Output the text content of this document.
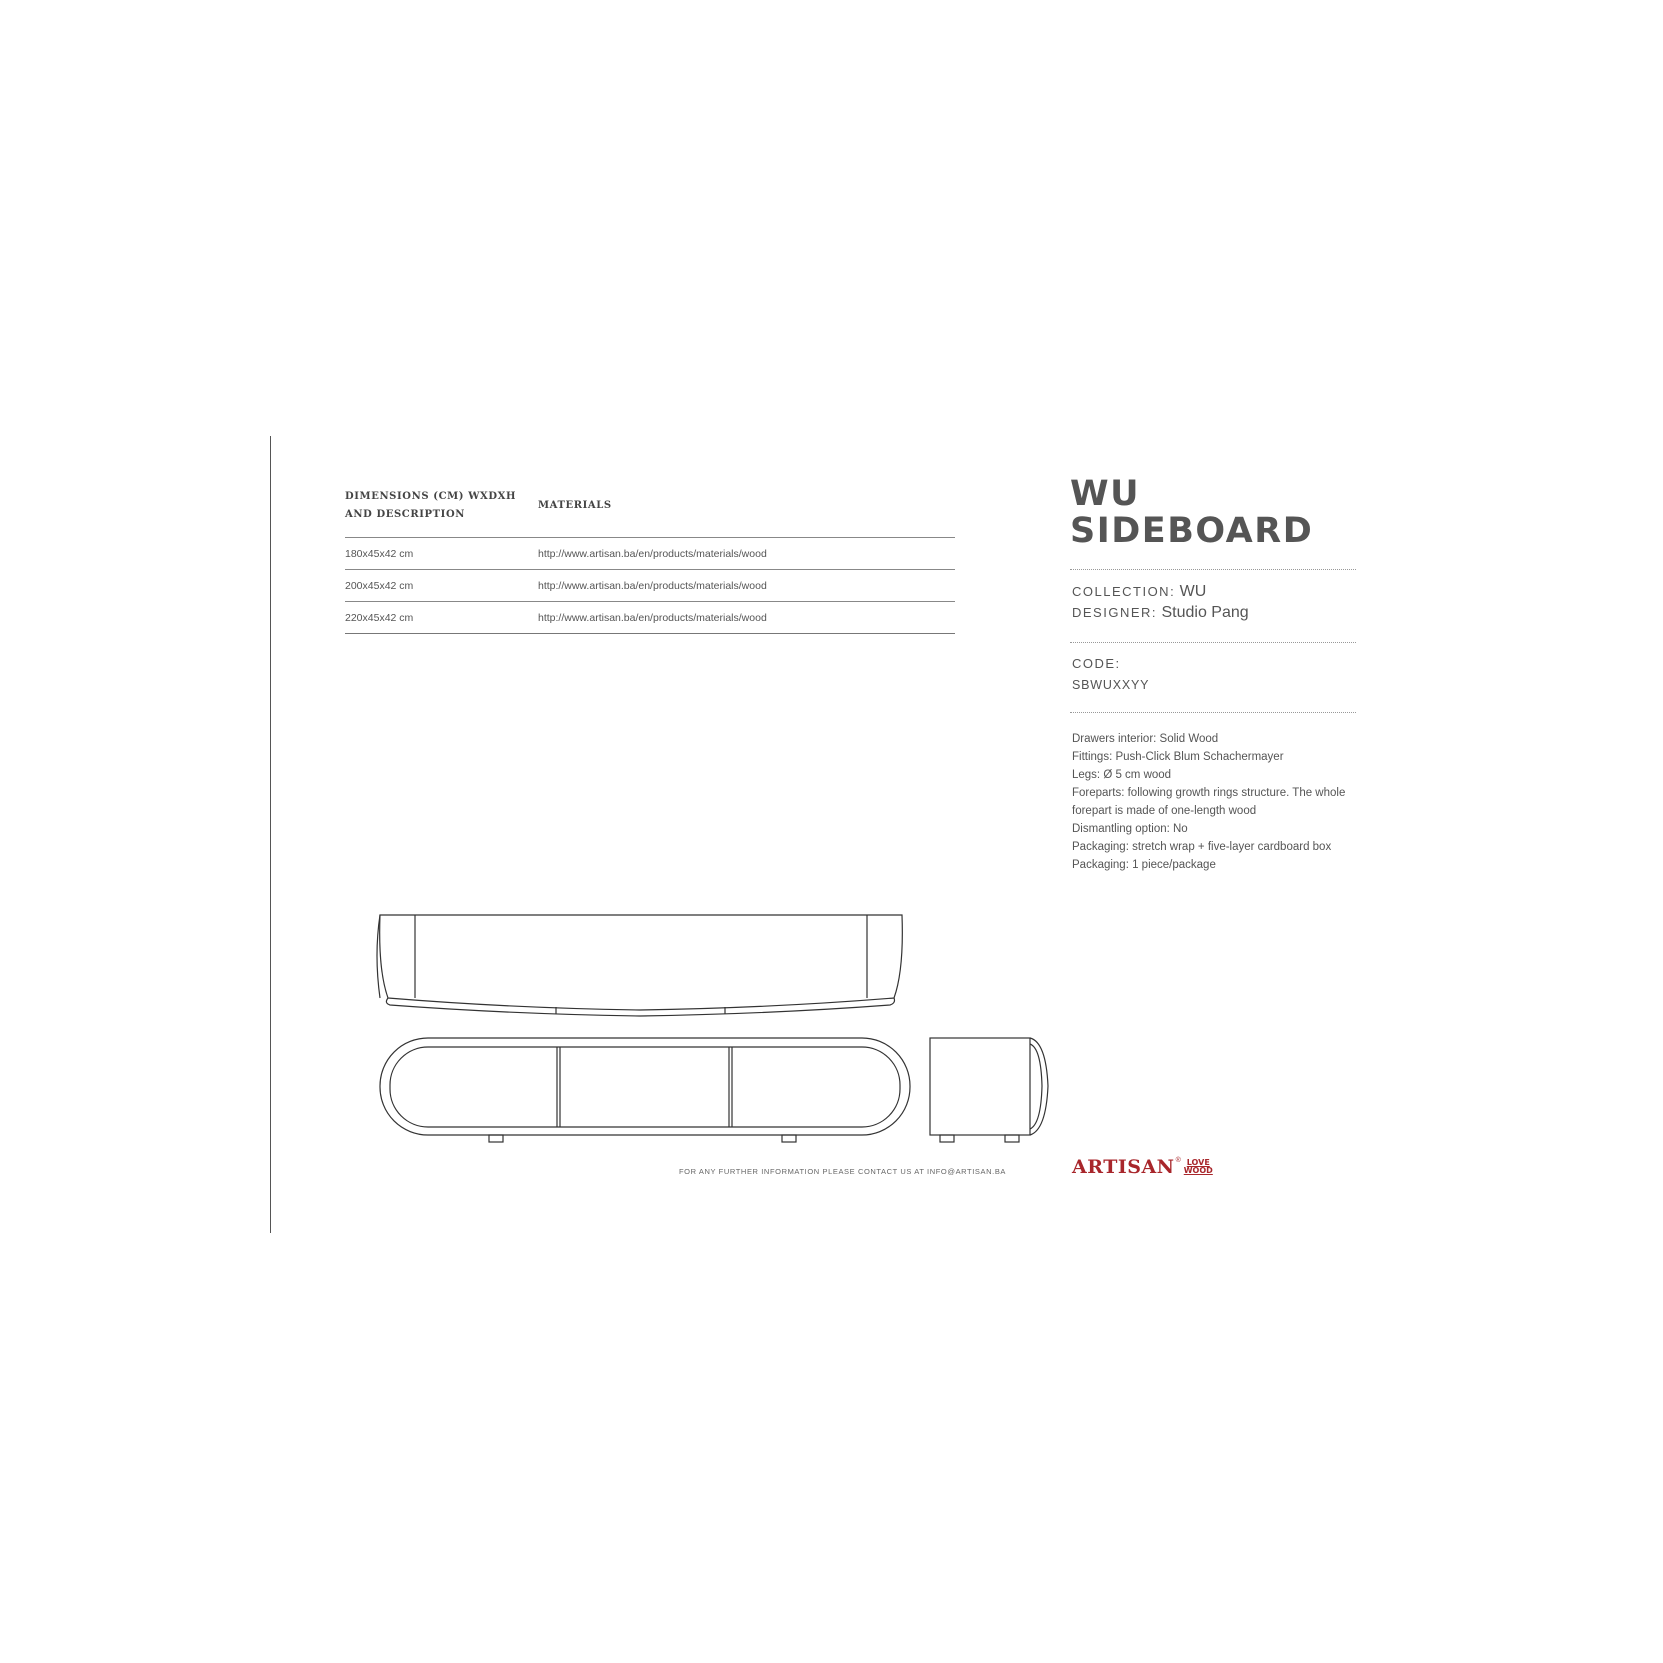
DIMENSIONS (CM) WXDXH
AND DESCRIPTION	MATERIALS
180x45x42 cm	http://www.artisan.ba/en/products/materials/wood
200x45x42 cm	http://www.artisan.ba/en/products/materials/wood
220x45x42 cm	http://www.artisan.ba/en/products/materials/wood
WU
SIDEBOARD
COLLECTION: WU
DESIGNER: Studio Pang
CODE:
SBWUXXYY
Drawers interior: Solid Wood
Fittings: Push-Click Blum Schachermayer
Legs: Ø 5 cm wood
Foreparts: following growth rings structure. The whole
forepart is made of one-length wood
Dismantling option: No
Packaging: stretch wrap + five-layer cardboard box
Packaging: 1 piece/package
FOR ANY FURTHER INFORMATION PLEASE CONTACT US AT INFO@ARTISAN.BA	ARTISAN ® LOVE
WOOD
